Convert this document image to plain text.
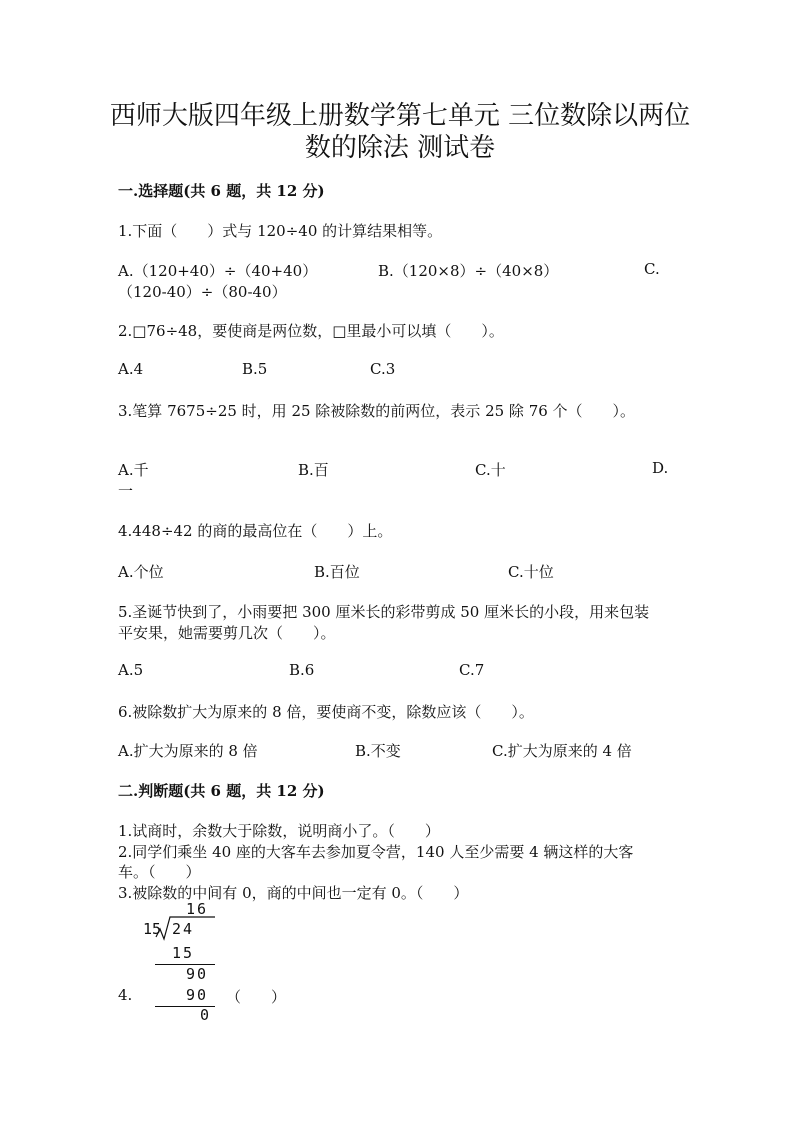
西师大版四年级上册数学第七单元 三位数除以两位
数的除法 测试卷
一.选择题(共 6 题，共 12 分)
1.下面（　　）式与 120÷40 的计算结果相等。
A.（120+40）÷（40+40）	B.（120×8）÷（40×8）	C.
（120-40）÷（80-40）
2.□76÷48，要使商是两位数，□里最小可以填（　　）。
A.4	B.5	C.3
3.笔算 7675÷25 时，用 25 除被除数的前两位，表示 25 除 76 个（　　）。
A.千	B.百	C.十	D.
一
4.448÷42 的商的最高位在（　　）上。
A.个位	B.百位	C.十位
5.圣诞节快到了，小雨要把 300 厘米长的彩带剪成 50 厘米长的小段，用来包装
平安果，她需要剪几次（　　）。
A.5	B.6	C.7
6.被除数扩大为原来的 8 倍，要使商不变，除数应该（　　）。
A.扩大为原来的 8 倍	B.不变	C.扩大为原来的 4 倍
二.判断题(共 6 题，共 12 分)
1.试商时，余数大于除数，说明商小了。（　　）
2.同学们乘坐 40 座的大客车去参加夏令营，140 人至少需要 4 辆这样的大客
车。（　　）
3.被除数的中间有 0，商的中间也一定有 0。（　　）
16
15 24
15
90
4.	90 （　　）
0
